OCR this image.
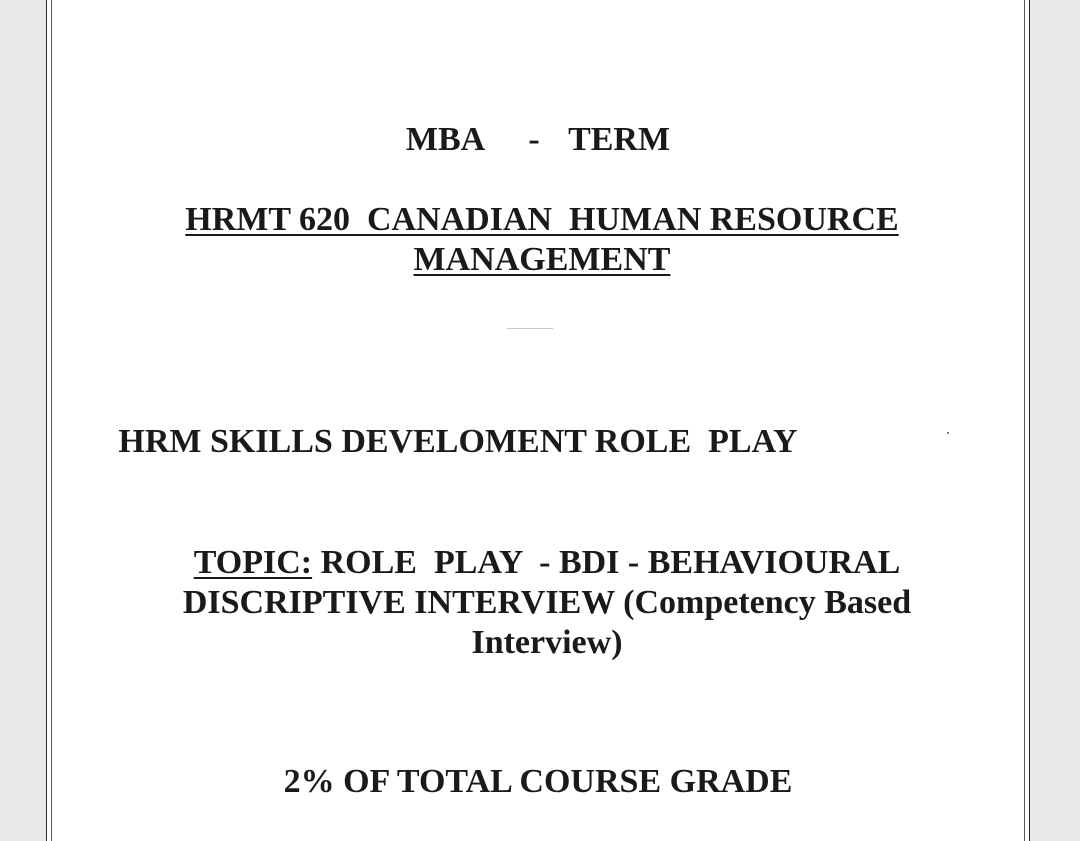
MBA - TERM

HRMT 620  CANADIAN  HUMAN RESOURCE
MANAGEMENT

HRM SKILLS DEVELOMENT ROLE  PLAY

TOPIC: ROLE  PLAY  - BDI - BEHAVIOURAL
DISCRIPTIVE INTERVIEW (Competency Based
Interview)

2% OF TOTAL COURSE GRADE
